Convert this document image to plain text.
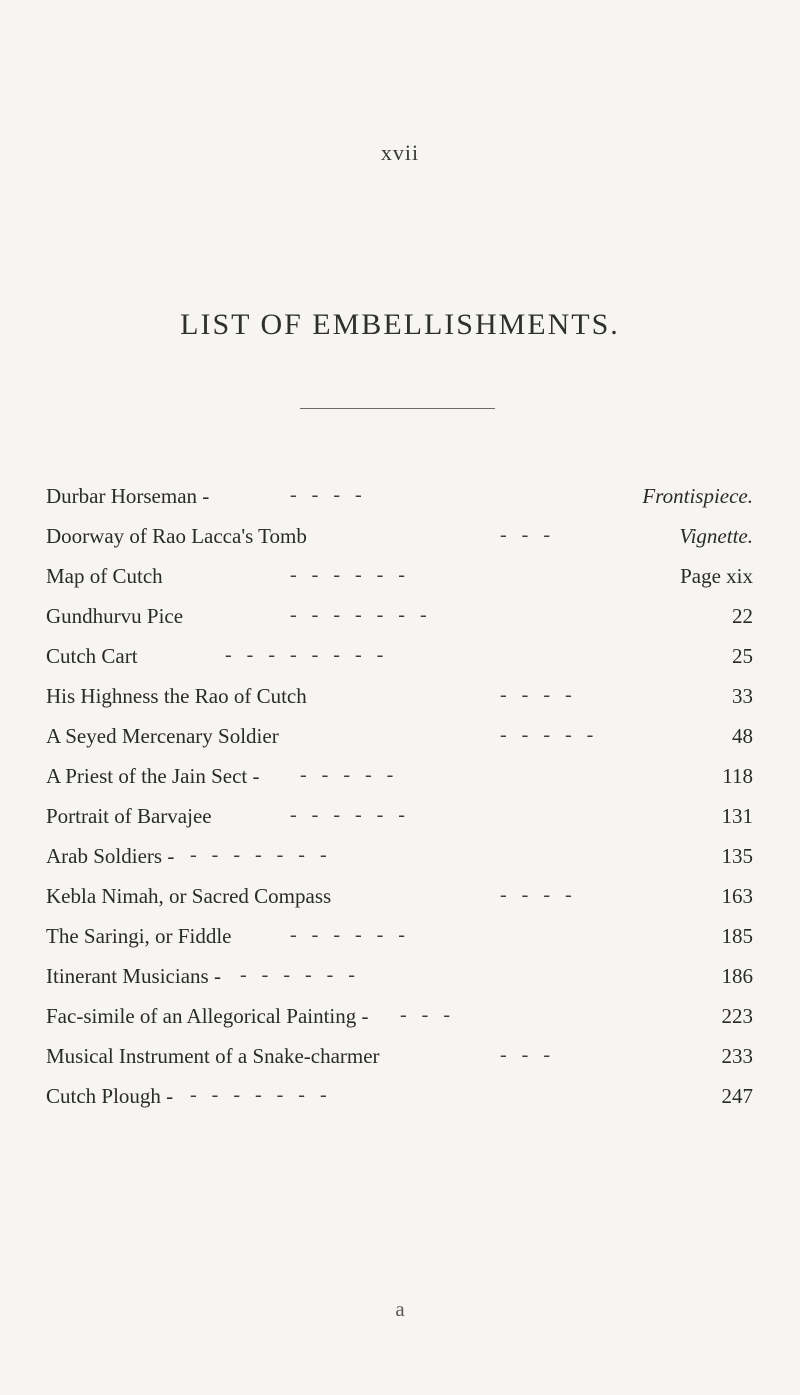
xvii
LIST OF EMBELLISHMENTS.
Durbar Horseman -	-   -   -   -	Frontispiece.
Doorway of Rao Lacca's Tomb	-   -   -	Vignette.
Map of Cutch	-   -   -   -   -   -	Page xix
Gundhurvu Pice	-   -   -   -   -   -   -	22
Cutch Cart	-   -   -   -   -   -   -   -	25
His Highness the Rao of Cutch	-   -   -   -	33
A Seyed Mercenary Soldier	-   -   -   -   -	48
A Priest of the Jain Sect - -   -   -   -   -	118
Portrait of Barvajee	-   -   -   -   -   -	131
Arab Soldiers - -   -   -   -   -   -   -	135
Kebla Nimah, or Sacred Compass	-   -   -   -	163
The Saringi, or Fiddle	-   -   -   -   -   -	185
Itinerant Musicians - -   -   -   -   -   -	186
Fac-simile of an Allegorical Painting - -   -   -	223
Musical Instrument of a Snake-charmer	-   -   -	233
Cutch Plough - -   -   -   -   -   -   -	247
a
